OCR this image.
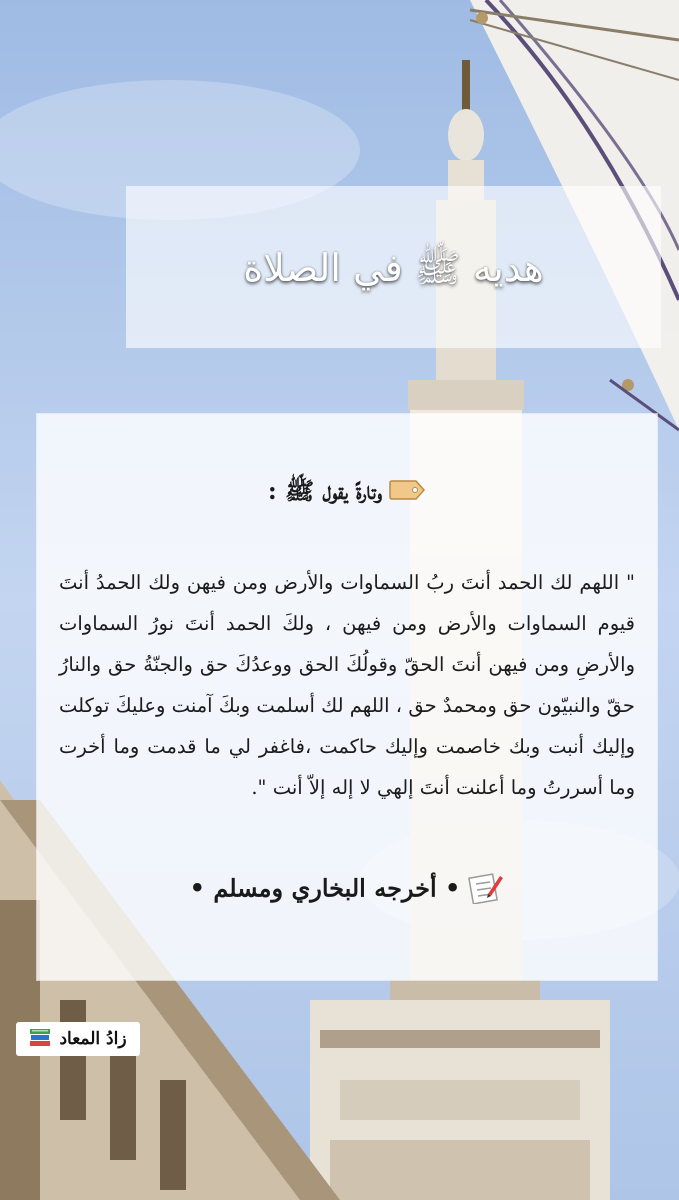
هديه ﷺ في الصلاة
وتارةً يقول ﷺ :
" اللهم لك الحمد أنتَ ربُ السماوات والأرض ومن فيهن ولك الحمدُ أنتَ قيوم السماوات والأرض ومن فيهن ، ولكَ الحمد أنتَ نورُ السماوات والأرضِ ومن فيهن أنتَ الحقّ وقولُكَ الحق ووعدُكَ حق والجنّةُ حق والنارُ حقّ والنبيّون حق ومحمدٌ حق ، اللهم لك أسلمت وبكَ آمنت وعليكَ توكلت وإليك أنبت وبك خاصمت وإليك حاكمت ،فاغفر لي ما قدمت وما أخرت وما أسررتُ وما أعلنت أنتَ إلهي لا إله إلاّ أنت ".
• أخرجه البخاري ومسلم •
زادُ المعاد
